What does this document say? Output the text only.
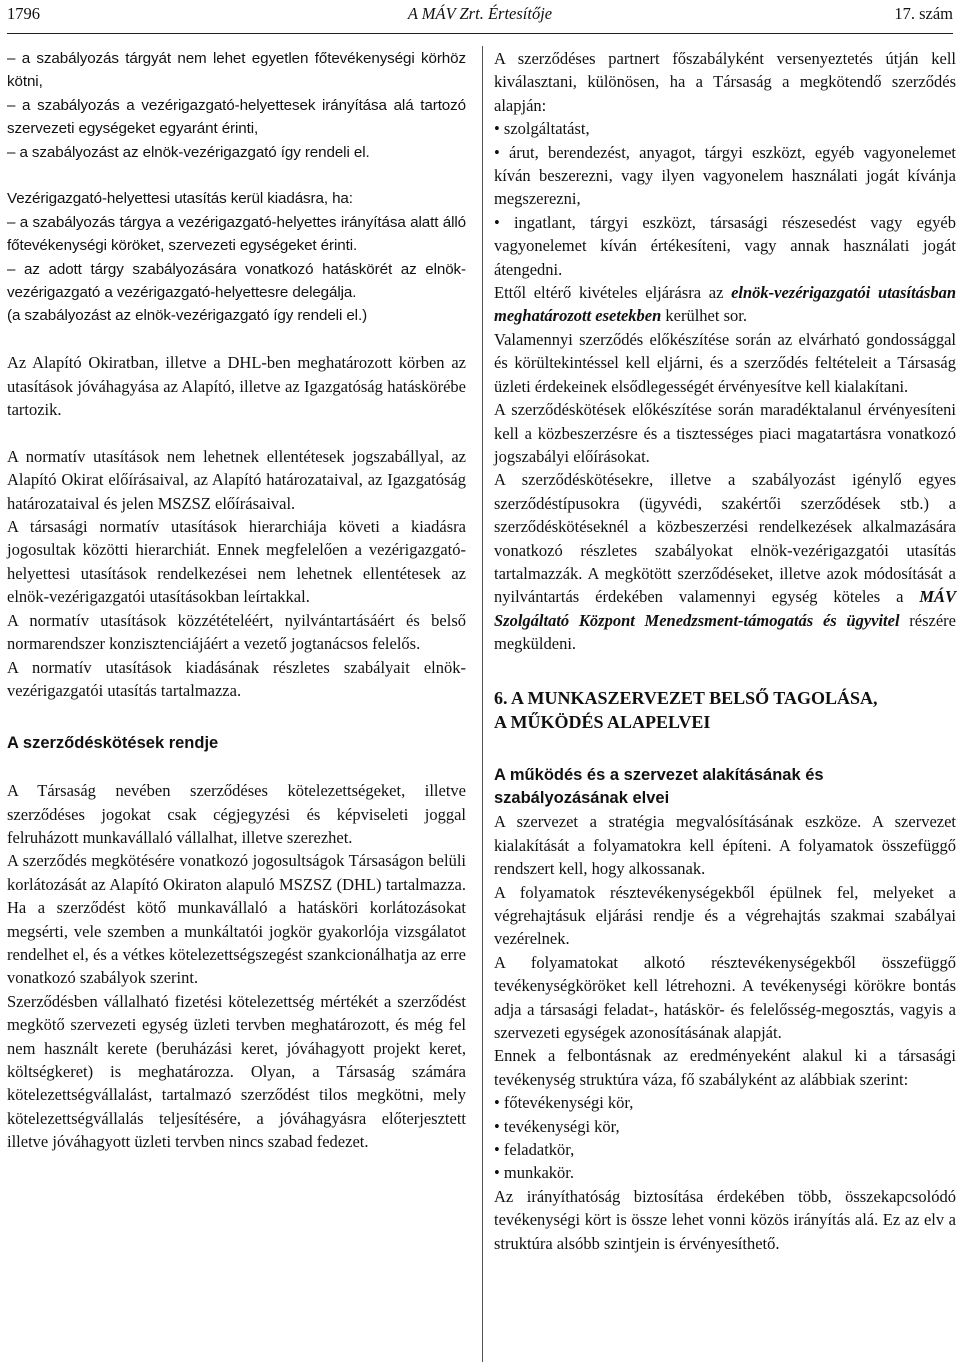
1796	A MÁV Zrt. Értesítője	17. szám

– a szabályozás tárgyát nem lehet egyetlen főtevékenységi körhöz kötni,

– a szabályozás a vezérigazgató-helyettesek irányítása alá tartozó szervezeti egységeket egyaránt érinti,

– a szabályozást az elnök-vezérigazgató így rendeli el.

Vezérigazgató-helyettesi utasítás kerül kiadásra, ha:

– a szabályozás tárgya a vezérigazgató-helyettes irányítása alatt álló főtevékenységi köröket, szervezeti egységeket érinti.

– az adott tárgy szabályozására vonatkozó hatáskörét az elnök-vezérigazgató a vezérigazgató-helyettesre delegálja.

(a szabályozást az elnök-vezérigazgató így rendeli el.)

Az Alapító Okiratban, illetve a DHL-ben meghatározott körben az utasítások jóváhagyása az Alapító, illetve az Igazgatóság hatáskörébe tartozik.

A normatív utasítások nem lehetnek ellentétesek jogszabállyal, az Alapító Okirat előírásaival, az Alapító határozataival, az Igazgatóság határozataival és jelen MSZSZ előírásaival.

A társasági normatív utasítások hierarchiája követi a kiadásra jogosultak közötti hierarchiát. Ennek megfelelően a vezérigazgató-helyettesi utasítások rendelkezései nem lehetnek ellentétesek az elnök-vezérigazgatói utasításokban leírtakkal.

A normatív utasítások közzétételéért, nyilvántartásáért és belső normarendszer konzisztenciájáért a vezető jogtanácsos felelős.

A normatív utasítások kiadásának részletes szabályait elnök-vezérigazgatói utasítás tartalmazza.

A szerződéskötések rendje

A Társaság nevében szerződéses kötelezettségeket, illetve szerződéses jogokat csak cégjegyzési és képviseleti joggal felruházott munkavállaló vállalhat, illetve szerezhet.

A szerződés megkötésére vonatkozó jogosultságok Társaságon belüli korlátozását az Alapító Okiraton alapuló MSZSZ (DHL) tartalmazza. Ha a szerződést kötő munkavállaló a hatásköri korlátozásokat megsérti, vele szemben a munkáltatói jogkör gyakorlója vizsgálatot rendelhet el, és a vétkes kötelezettségszegést szankcionálhatja az erre vonatkozó szabályok szerint.

Szerződésben vállalható fizetési kötelezettség mértékét a szerződést megkötő szervezeti egység üzleti tervben meghatározott, és még fel nem használt kerete (beruházási keret, jóváhagyott projekt keret, költségkeret) is meghatározza. Olyan, a Társaság számára kötelezettségvállalást, tartalmazó szerződést tilos megkötni, mely kötelezettségvállalás teljesítésére, a jóváhagyásra előterjesztett illetve jóváhagyott üzleti tervben nincs szabad fedezet.

A szerződéses partnert főszabályként versenyeztetés útján kell kiválasztani, különösen, ha a Társaság a megkötendő szerződés alapján:

• szolgáltatást,

• árut, berendezést, anyagot, tárgyi eszközt, egyéb vagyonelemet kíván beszerezni, vagy ilyen vagyonelem használati jogát kívánja megszerezni,

• ingatlant, tárgyi eszközt, társasági részesedést vagy egyéb vagyonelemet kíván értékesíteni, vagy annak használati jogát átengedni.

Ettől eltérő kivételes eljárásra az elnök-vezérigazgatói utasításban meghatározott esetekben kerülhet sor.

Valamennyi szerződés előkészítése során az elvárható gondossággal és körültekintéssel kell eljárni, és a szerződés feltételeit a Társaság üzleti érdekeinek elsődlegességét érvényesítve kell kialakítani.

A szerződéskötések előkészítése során maradéktalanul érvényesíteni kell a közbeszerzésre és a tisztességes piaci magatartásra vonatkozó jogszabályi előírásokat.

A szerződéskötésekre, illetve a szabályozást igénylő egyes szerződéstípusokra (ügyvédi, szakértői szerződések stb.) a szerződéskötéseknél a közbeszerzési rendelkezések alkalmazására vonatkozó részletes szabályokat elnök-vezérigazgatói utasítás tartalmazzák. A megkötött szerződéseket, illetve azok módosítását a nyilvántartás érdekében valamennyi egység köteles a MÁV Szolgáltató Központ Menedzsment-támogatás és ügyvitel részére megküldeni.

6. A MUNKASZERVEZET BELSŐ TAGOLÁSA,
A MŰKÖDÉS ALAPELVEI

A működés és a szervezet alakításának és szabályozásának elvei

A szervezet a stratégia megvalósításának eszköze. A szervezet kialakítását a folyamatokra kell építeni. A folyamatok összefüggő rendszert kell, hogy alkossanak.

A folyamatok résztevékenységekből épülnek fel, melyeket a végrehajtásuk eljárási rendje és a végrehajtás szakmai szabályai vezérelnek.

A folyamatokat alkotó résztevékenységekből összefüggő tevékenységköröket kell létrehozni. A tevékenységi körökre bontás adja a társasági feladat-, hatáskör- és felelősség-megosztás, vagyis a szervezeti egységek azonosításának alapját.

Ennek a felbontásnak az eredményeként alakul ki a társasági tevékenység struktúra váza, fő szabályként az alábbiak szerint:

• főtevékenységi kör,

• tevékenységi kör,

• feladatkör,

• munkakör.

Az irányíthatóság biztosítása érdekében több, összekapcsolódó tevékenységi kört is össze lehet vonni közös irányítás alá. Ez az elv a struktúra alsóbb szintjein is érvényesíthető.
